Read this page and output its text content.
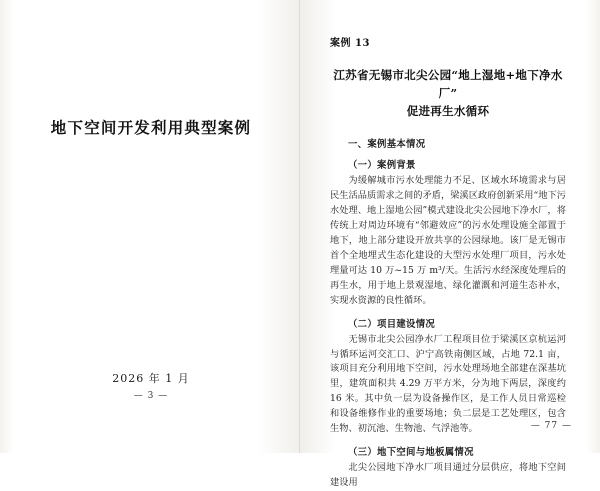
地下空间开发利用典型案例
2026 年 1 月
— 3 —
案例 13
江苏省无锡市北尖公园“地上湿地+地下净水厂”
促进再生水循环
一、案例基本情况
（一）案例背景

为缓解城市污水处理能力不足、区域水环境需求与居民生活品质需求之间的矛盾，梁溪区政府创新采用“地下污水处理、地上湿地公园”模式建设北尖公园地下净水厂，将传统上对周边环境有“邻避效应”的污水处理设施全部置于地下，地上部分建设开放共享的公园绿地。该厂是无锡市首个全地埋式生态化建设的大型污水处理厂项目，污水处理量可达 10 万~15 万 m³/天。生活污水经深度处理后的再生水，用于地上景观湿地、绿化灌溉和河道生态补水，实现水资源的良性循环。

（二）项目建设情况

无锡市北尖公园净水厂工程项目位于梁溪区京杭运河与循环运河交汇口、沪宁高铁南侧区域，占地 72.1 亩，该项目充分利用地下空间，污水处理场地全部建在深基坑里，建筑面积共 4.29 万平方米，分为地下两层，深度约 16 米。其中负一层为设备操作区，是工作人员日常巡检和设备维修作业的重要场地；负二层是工艺处理区，包含生物、初沉池、生物池、气浮池等。

（三）地下空间与地板属情况

北尖公园地下净水厂项目通过分层供应，将地下空间建设用

— 77 —
